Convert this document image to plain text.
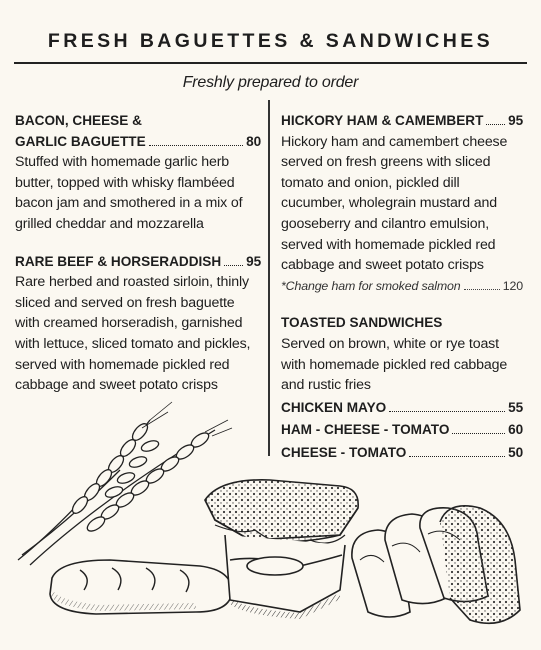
FRESH BAGUETTES & SANDWICHES
Freshly prepared to order
BACON, CHEESE &
GARLIC BAGUETTE	80

Stuffed with homemade garlic herb butter, topped with whisky flambéed bacon jam and smothered in a mix of grilled cheddar and mozzarella

RARE BEEF & HORSERADDISH 95

Rare herbed and roasted sirloin, thinly sliced and served on fresh baguette with creamed horseradish, garnished with lettuce, sliced tomato and pickles, served with homemade pickled red cabbage and sweet potato crisps

HICKORY HAM & CAMEMBERT 95

Hickory ham and camembert cheese served on fresh greens with sliced tomato and onion, pickled dill cucumber, wholegrain mustard and gooseberry and cilantro emulsion, served with homemade pickled red cabbage and sweet potato crisps

*Change ham for smoked salmon	120
TOASTED SANDWICHES

Served on brown, white or rye toast with homemade pickled red cabbage and rustic fries

CHICKEN MAYO	55
HAM - CHEESE - TOMATO	60
CHEESE - TOMATO	50
